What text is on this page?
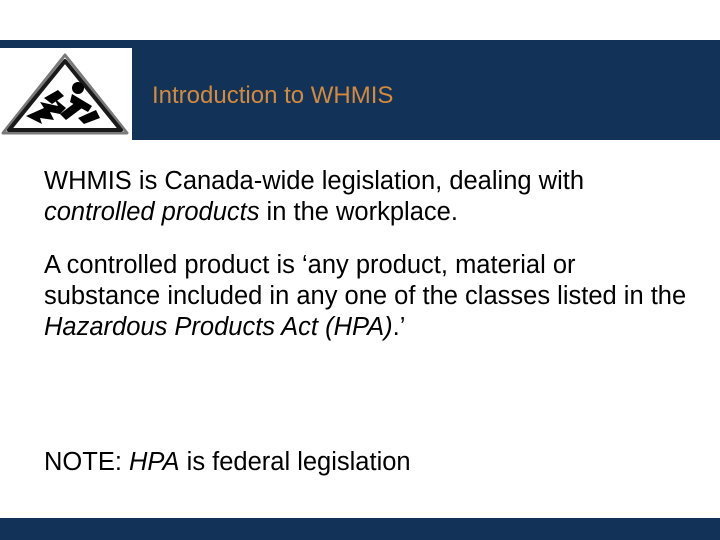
Introduction to WHMIS

WHMIS is Canada-wide legislation, dealing with controlled products in the workplace.

A controlled product is ‘any product, material or substance included in any one of the classes listed in the Hazardous Products Act (HPA).’

NOTE: HPA is federal legislation
